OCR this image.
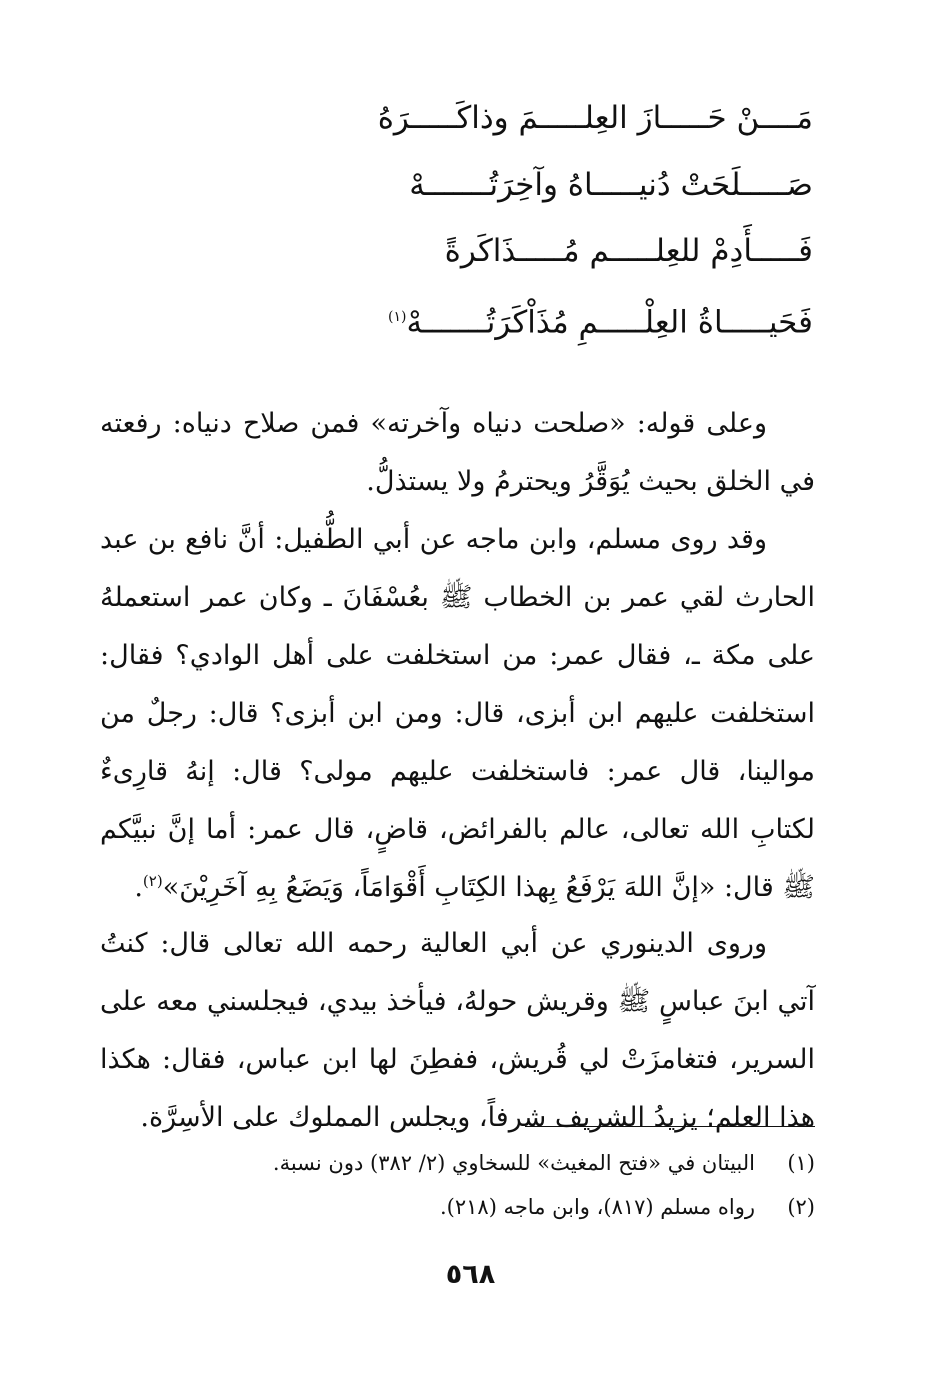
مَــــنْ حَـــــازَ العِلـــــمَ وذاكَـــــرَهُ
صَـــــلَحَتْ دُنيـــــاهُ وآخِرَتُـــــــهْ
فَـــــأَدِمْ للعِلـــــم مُـــــذَاكَرةً
فَحَيـــــاةُ العِلْـــــمِ مُذَاْكَرَتُـــــــهْ$^{(١)}$

وعلى قوله: «صلحت دنياه وآخرته» فمن صلاح دنياه: رفعته في الخلق بحيث يُوَقَّرُ ويحترمُ ولا يستذلُّ.

وقد روى مسلم، وابن ماجه عن أبي الطُّفيل: أنَّ نافع بن عبد الحارث لقي عمر بن الخطاب ﷺ بعُسْفَانَ ـ وكان عمر استعملهُ على مكة ـ، فقال عمر: من استخلفت على أهل الوادي؟ فقال: استخلفت عليهم ابن أبزى، قال: ومن ابن أبزى؟ قال: رجلٌ من موالينا، قال عمر: فاستخلفت عليهم مولى؟ قال: إنهُ قارِىءٌ لكتابِ الله تعالى، عالم بالفرائض، قاضٍ، قال عمر: أما إنَّ نبيَّكم ﷺ قال: «إنَّ اللهَ يَرْفَعُ بِهذا الكِتَابِ أَقْوَامَاً، وَيَضَعُ بِهِ آخَرِيْنَ»$^{(٢)}$.

وروى الدينوري عن أبي العالية رحمه الله تعالى قال: كنتُ آتي ابنَ عباسٍ ﷺ وقريش حولهُ، فيأخذ بيدي، فيجلسني معه على السرير، فتغامزَتْ لي قُريش، ففطِنَ لها ابن عباس، فقال: هكذا هذا العلم؛ يزيدُ الشريف شرفاً، ويجلس المملوك على الأسِرَّة.

(١)
البيتان في «فتح المغيث» للسخاوي (٢/ ٣٨٢) دون نسبة.
(٢)
رواه مسلم (٨١٧)، وابن ماجه (٢١٨).
٥٦٨
